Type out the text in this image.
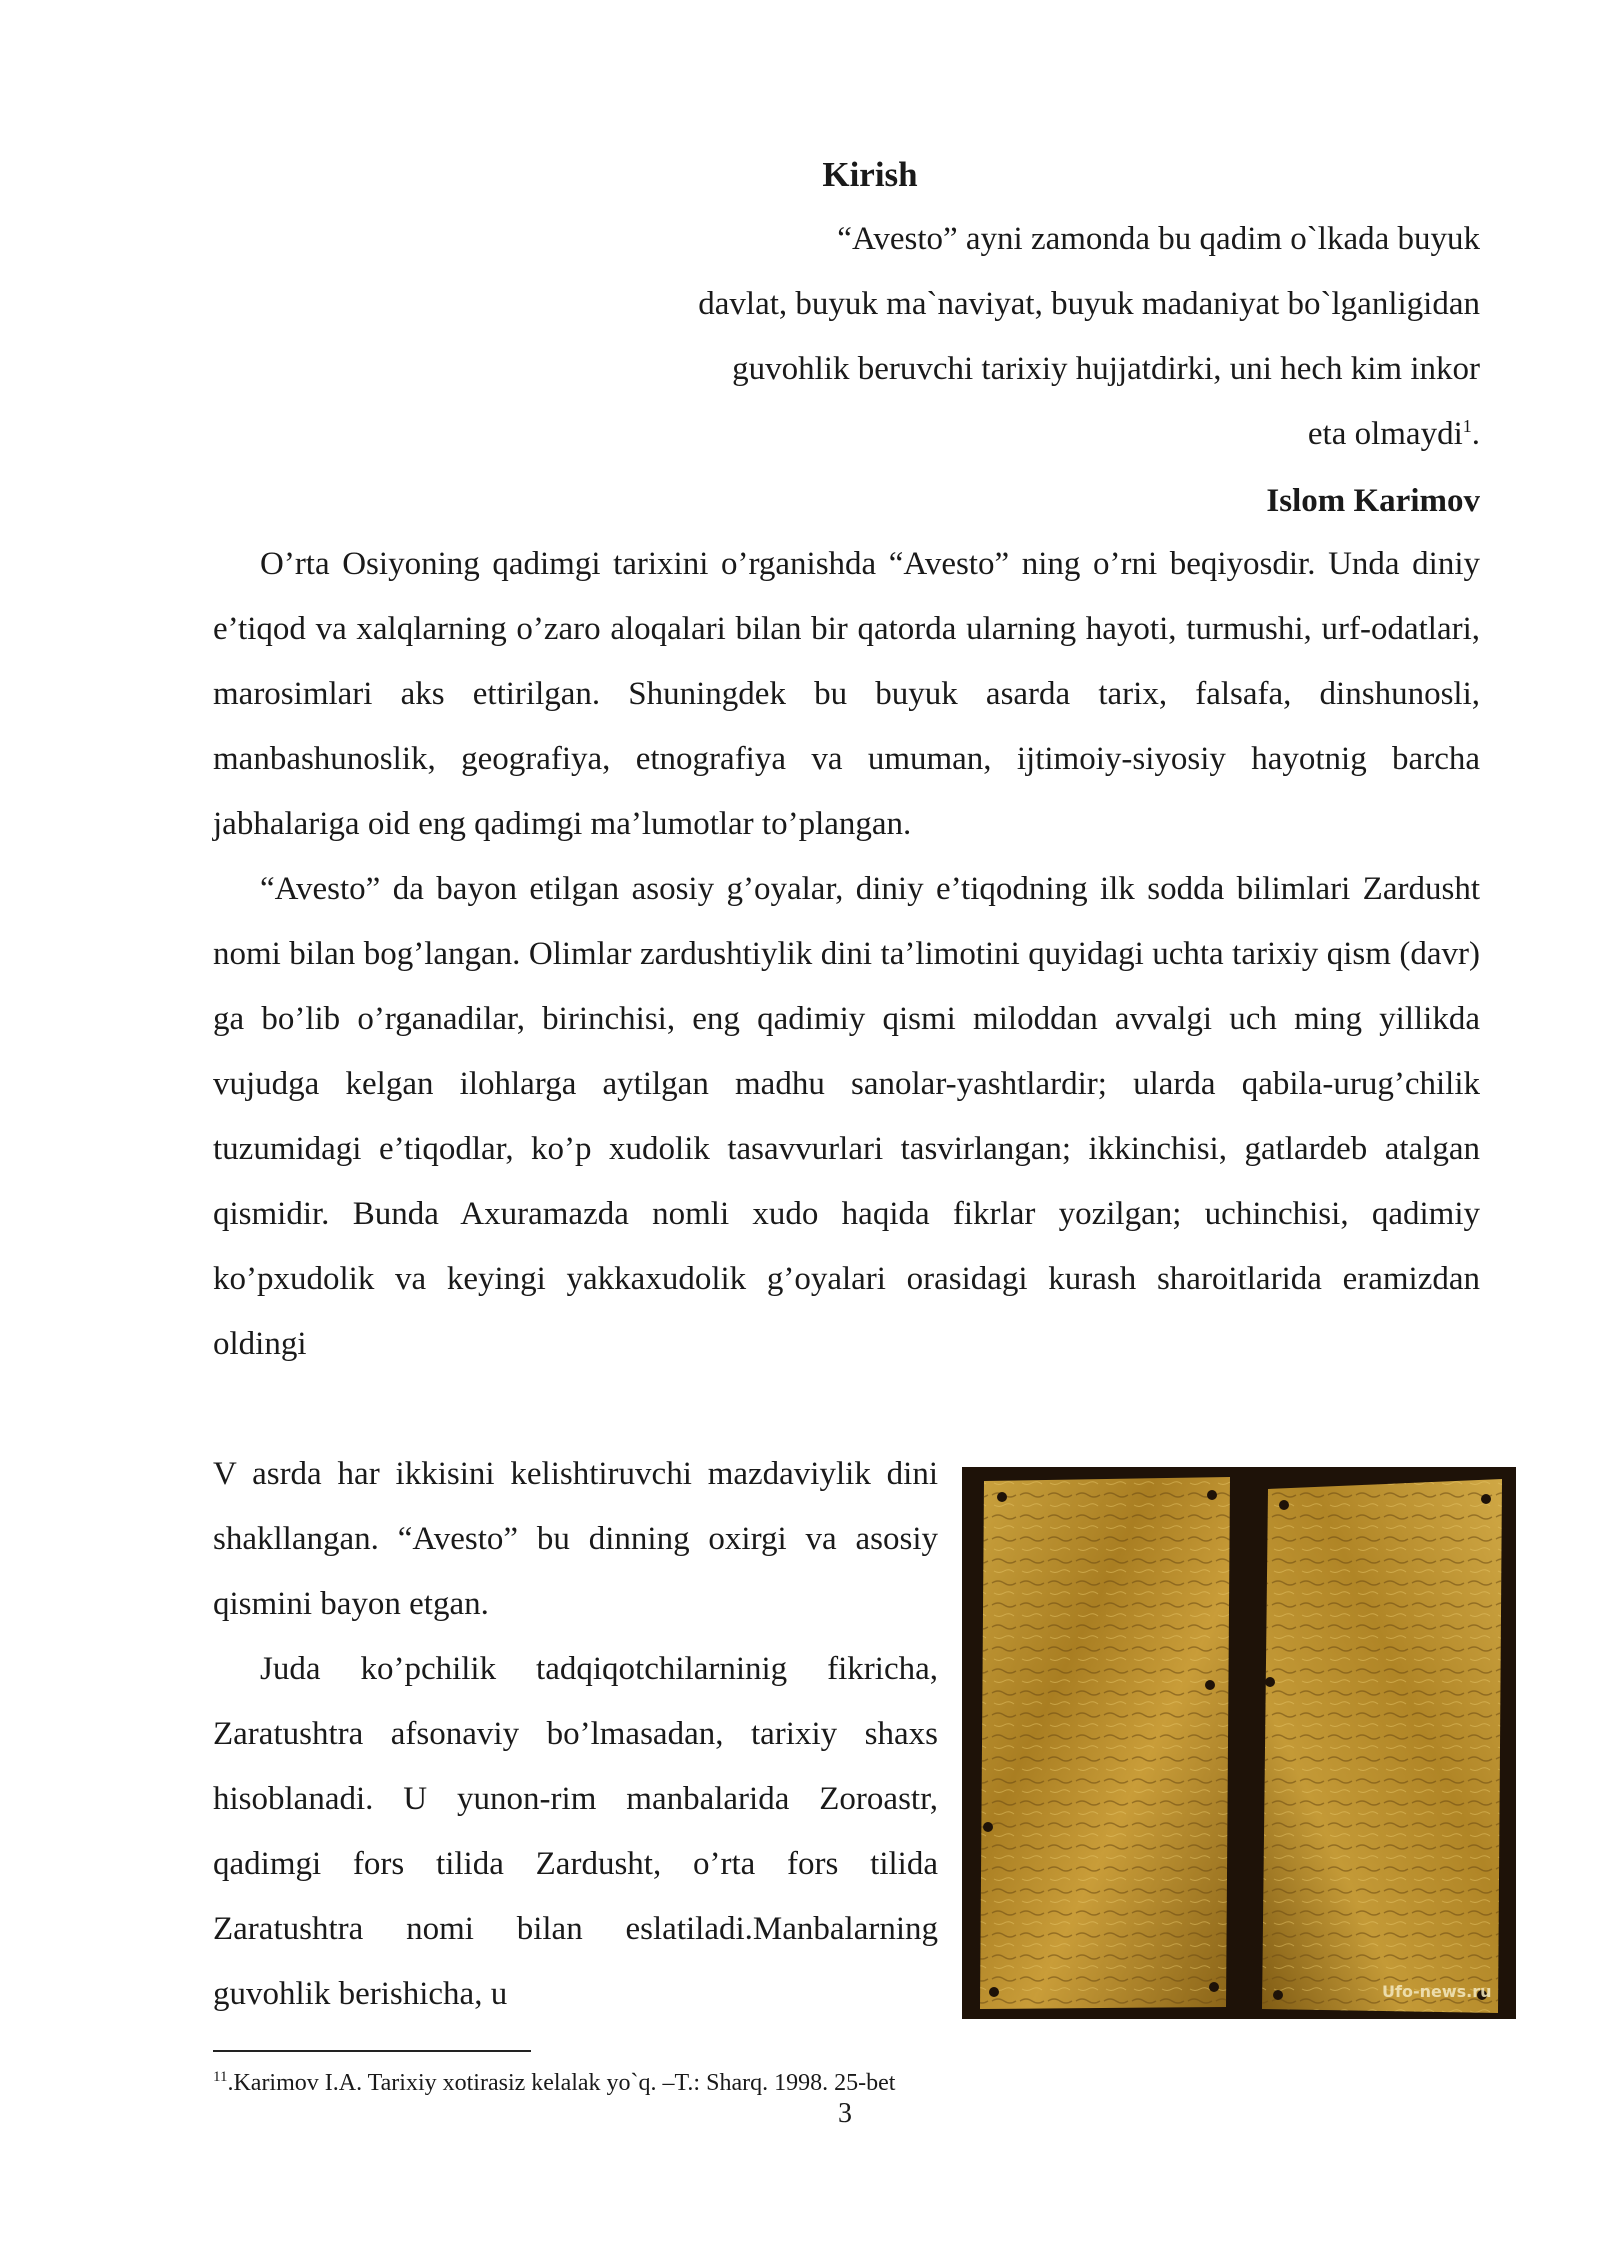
Kirish
“Avesto” ayni zamonda bu qadim o`lkada buyuk
davlat, buyuk ma`naviyat, buyuk madaniyat bo`lganligidan
guvohlik beruvchi tarixiy hujjatdirki, uni hech kim inkor
eta olmaydi$^1$.
Islom Karimov

O’rta Osiyoning qadimgi tarixini o’rganishda “Avesto” ning o’rni beqiyosdir. Unda diniy e’tiqod va xalqlarning o’zaro aloqalari bilan bir qatorda ularning hayoti, turmushi, urf-odatlari, marosimlari aks ettirilgan. Shuningdek bu buyuk asarda tarix, falsafa, dinshunosli, manbashunoslik, geografiya, etnografiya va umuman, ijtimoiy-siyosiy hayotnig barcha jabhalariga oid eng qadimgi ma’lumotlar to’plangan.

“Avesto” da bayon etilgan asosiy g’oyalar, diniy e’tiqodning ilk sodda bilimlari Zardusht nomi bilan bog’langan. Olimlar zardushtiylik dini ta’limotini quyidagi uchta tarixiy qism (davr) ga bo’lib o’rganadilar, birinchisi, eng qadimiy qismi miloddan avvalgi uch ming yillikda vujudga kelgan ilohlarga aytilgan madhu sanolar-yashtlardir; ularda qabila-urug’chilik tuzumidagi e’tiqodlar, ko’p xudolik tasavvurlari tasvirlangan; ikkinchisi, gatlardeb atalgan qismidir. Bunda Axuramazda nomli xudo haqida fikrlar yozilgan; uchinchisi, qadimiy ko’pxudolik va keyingi yakkaxudolik g’oyalari orasidagi kurash sharoitlarida eramizdan oldingi

V asrda har ikkisini kelishtiruvchi mazdaviylik dini shakllangan. “Avesto” bu dinning oxirgi va asosiy qismini bayon etgan.

Juda ko’pchilik tadqiqotchilarninig fikricha, Zaratushtra afsonaviy bo’lmasadan, tarixiy shaxs hisoblanadi. U yunon-rim manbalarida Zoroastr, qadimgi fors tilida Zardusht, o’rta fors tilida Zaratushtra nomi bilan eslatiladi.Manbalarning guvohlik berishicha, u	Ufo-news.ru
$^{11}$.Karimov I.A. Tarixiy xotirasiz kelalak yo`q. –T.: Sharq. 1998. 25-bet
3
